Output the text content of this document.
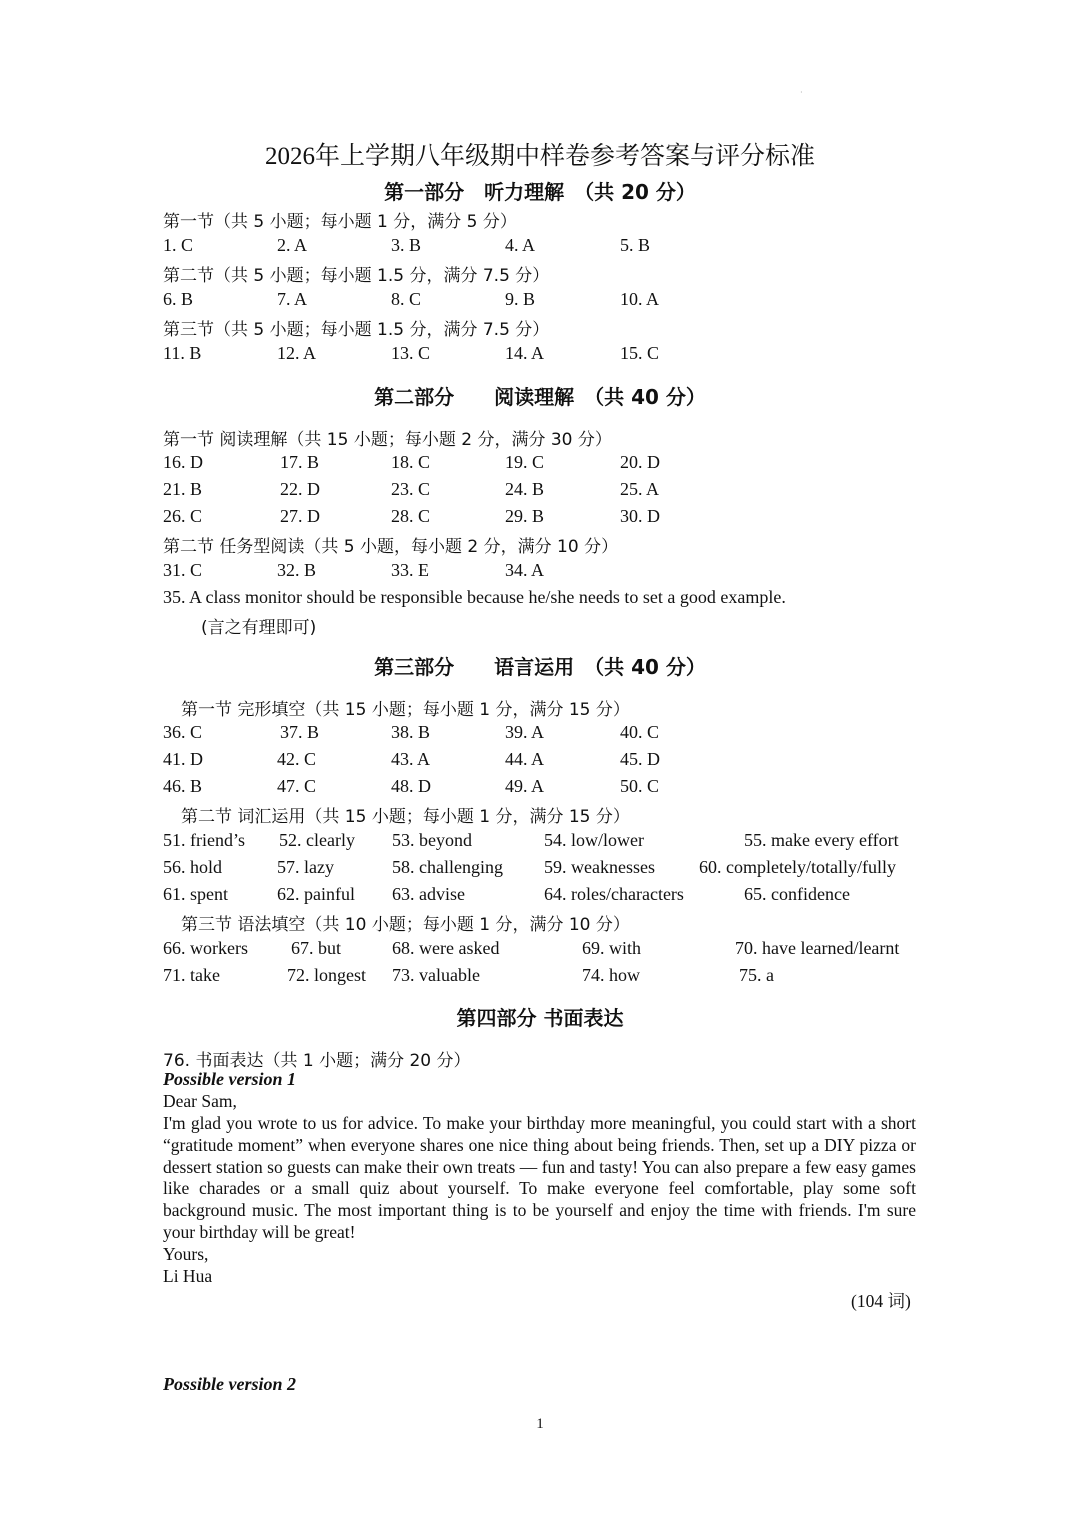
·
2026年上学期八年级期中样卷参考答案与评分标准
第一部分　听力理解　（共 20 分）
第一节（共 5 小题；每小题 1 分，满分 5 分）
1. C	2. A	3. B	4. A	5. B
第二节（共 5 小题；每小题 1.5 分，满分 7.5 分）
6. B	7. A	8. C	9. B	10. A
第三节（共 5 小题；每小题 1.5 分，满分 7.5 分）
11. B	12. A	13. C	14. A	15. C
第二部分　　阅读理解　（共 40 分）
第一节 阅读理解（共 15 小题；每小题 2 分，满分 30 分）
16. D	17. B	18. C	19. C	20. D
21. B	22. D	23. C	24. B	25. A
26. C	27. D	28. C	29. B	30. D
第二节 任务型阅读（共 5 小题，每小题 2 分，满分 10 分）
31. C	32. B	33. E	34. A
35. A class monitor should be responsible because he/she needs to set a good example.
(言之有理即可)
第三部分　　语言运用　（共 40 分）
第一节 完形填空（共 15 小题；每小题 1 分，满分 15 分）
36. C	37. B	38. B	39. A	40. C
41. D	42. C	43. A	44. A	45. D
46. B	47. C	48. D	49. A	50. C
第二节 词汇运用（共 15 小题；每小题 1 分，满分 15 分）
51. friend’s 52. clearly 53. beyond	54. low/lower	55. make every effort
56. hold	57. lazy	58. challenging 59. weaknesses 60. completely/totally/fully
61. spent	62. painful 63. advise	64. roles/characters	65. confidence
第三节 语法填空（共 10 小题；每小题 1 分，满分 10 分）
66. workers 67. but	68. were asked	69. with	70. have learned/learnt
71. take	72. longest 73. valuable	74. how	75. a
第四部分 书面表达
76. 书面表达（共 1 小题；满分 20 分）
Possible version 1
Dear Sam,
I'm glad you wrote to us for advice. To make your birthday more meaningful, you could start with a short “gratitude moment” when everyone shares one nice thing about being friends. Then, set up a DIY pizza or dessert station so guests can make their own treats — fun and tasty! You can also prepare a few easy games like charades or a small quiz about yourself. To make everyone feel comfortable, play some soft background music. The most important thing is to be yourself and enjoy the time with friends. I'm sure your birthday will be great!
Yours,
Li Hua
(104 词)
Possible version 2
1
